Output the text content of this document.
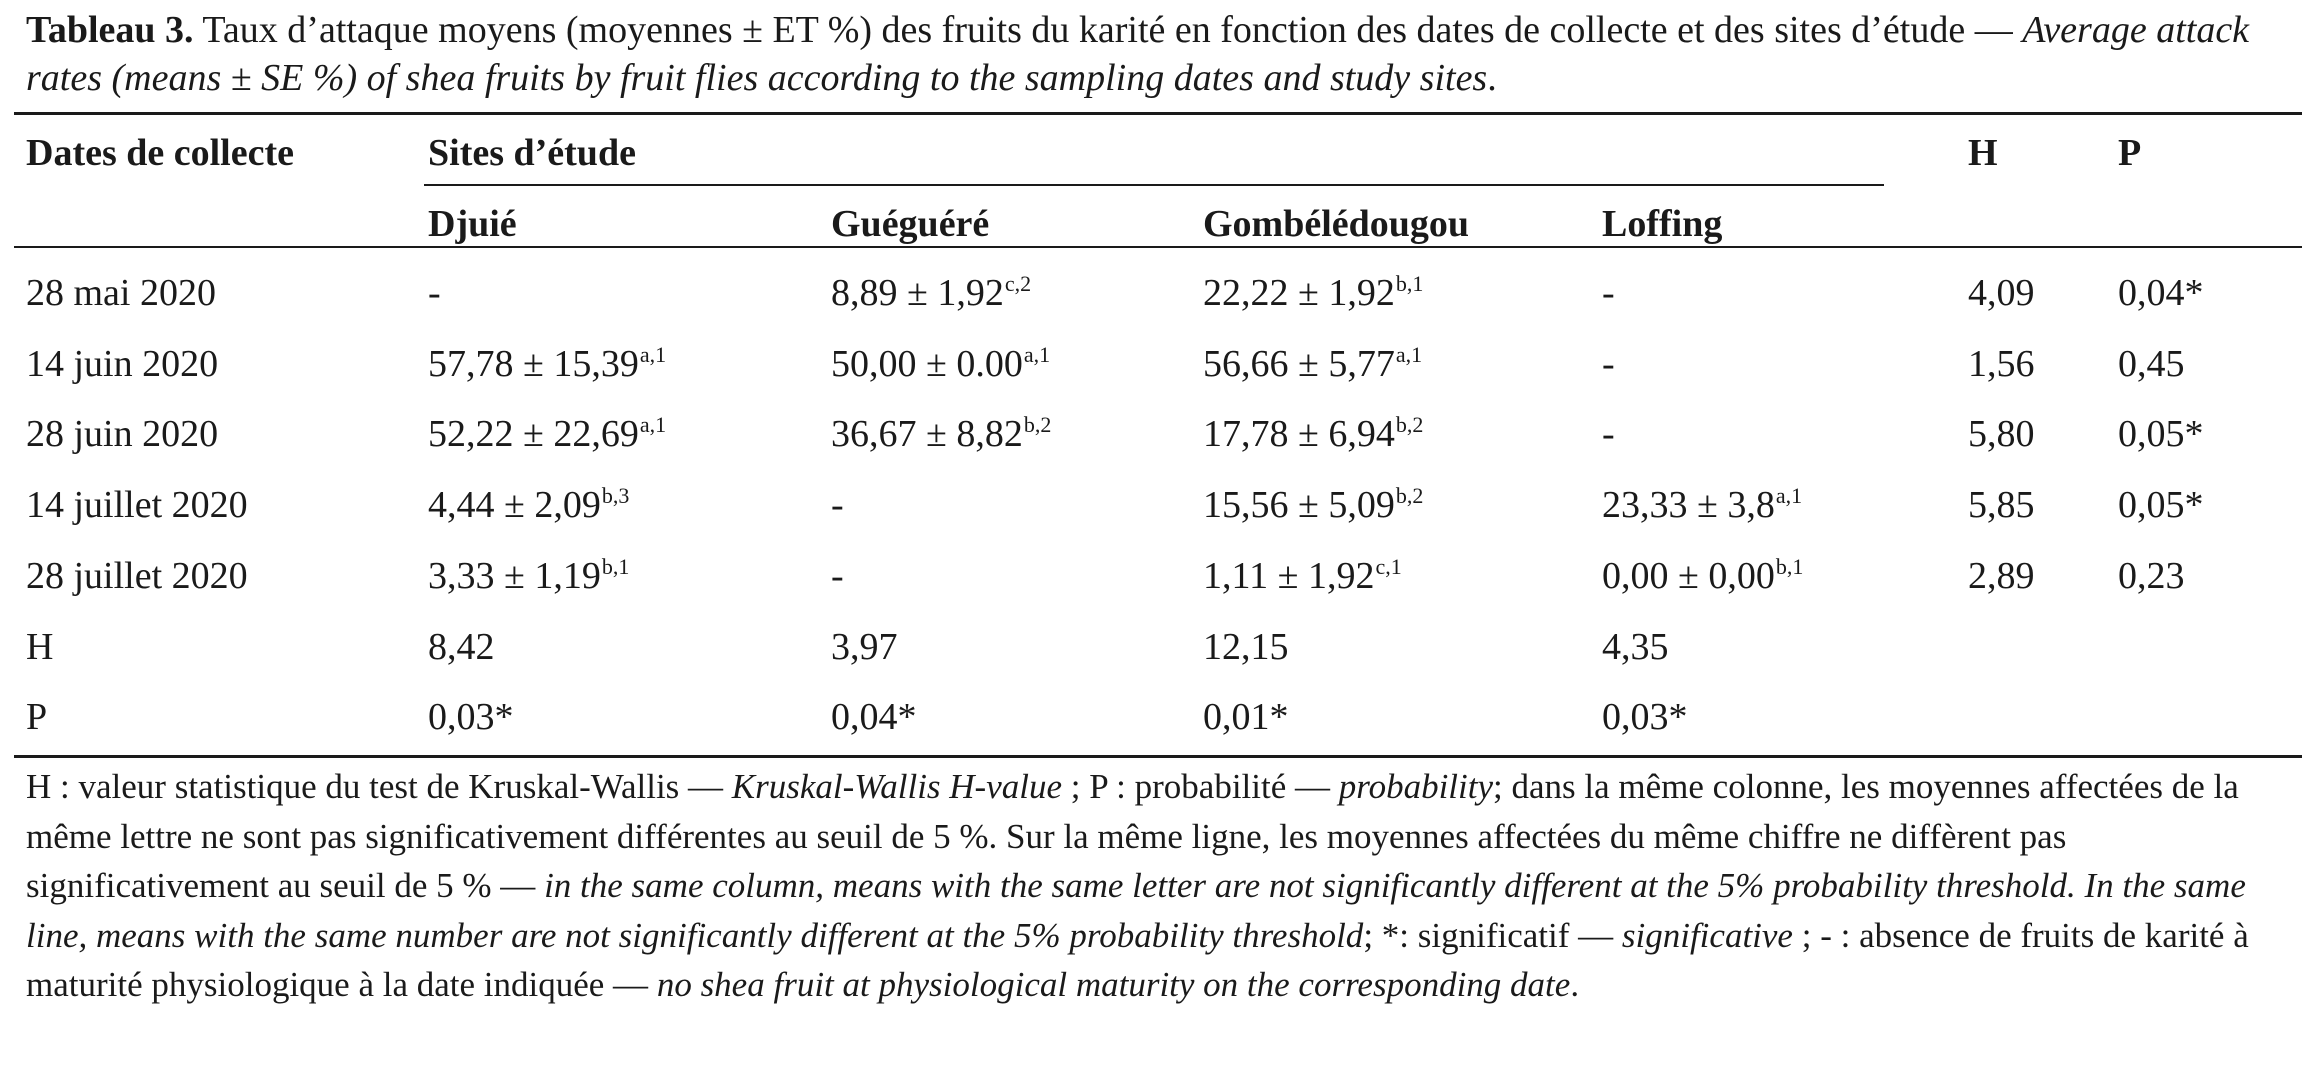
Tableau 3. Taux d’attaque moyens (moyennes ± ET %) des fruits du karité en fonction des dates de collecte et des sites d’étude — Average attack rates (means ± SE %) of shea fruits by fruit flies according to the sampling dates and study sites.
Dates de collecte	Sites d’étude	H	P
Djuié	Guéguéré	Gombélédougou	Loffing
28 mai 2020	-	$8,89 \pm 1,92^{c,2}$	$22,22 \pm 1,92^{b,1}$	-	4,09 0,04*
14 juin 2020	$57,78 \pm 15,39^{a,1}$	$50,00 \pm 0.00^{a,1}$	$56,66 \pm 5,77^{a,1}$	-	1,56 0,45
28 juin 2020	$52,22 \pm 22,69^{a,1}$	$36,67 \pm 8,82^{b,2}$	$17,78 \pm 6,94^{b,2}$	-	5,80 0,05*
14 juillet 2020	$4,44 \pm 2,09^{b,3}$	-	$15,56 \pm 5,09^{b,2}$	$23,33 \pm 3,8^{a,1}$	5,85 0,05*
28 juillet 2020	$3,33 \pm 1,19^{b,1}$	-	$1,11 \pm 1,92^{c,1}$	$0,00 \pm 0,00^{b,1}$	2,89 0,23
H	8,42	3,97	12,15	4,35
P	0,03*	0,04*	0,01*	0,03*
H : valeur statistique du test de Kruskal-Wallis — Kruskal-Wallis H-value ; P : probabilité — probability; dans la même colonne, les moyennes affectées de la même lettre ne sont pas significativement différentes au seuil de 5 %. Sur la même ligne, les moyennes affectées du même chiffre ne diffèrent pas significativement au seuil de 5 % — in the same column, means with the same letter are not significantly different at the 5% probability threshold. In the same line, means with the same number are not significantly different at the 5% probability threshold; *: significatif — significative ; - : absence de fruits de karité à maturité physiologique à la date indiquée — no shea fruit at physiological maturity on the corresponding date.
